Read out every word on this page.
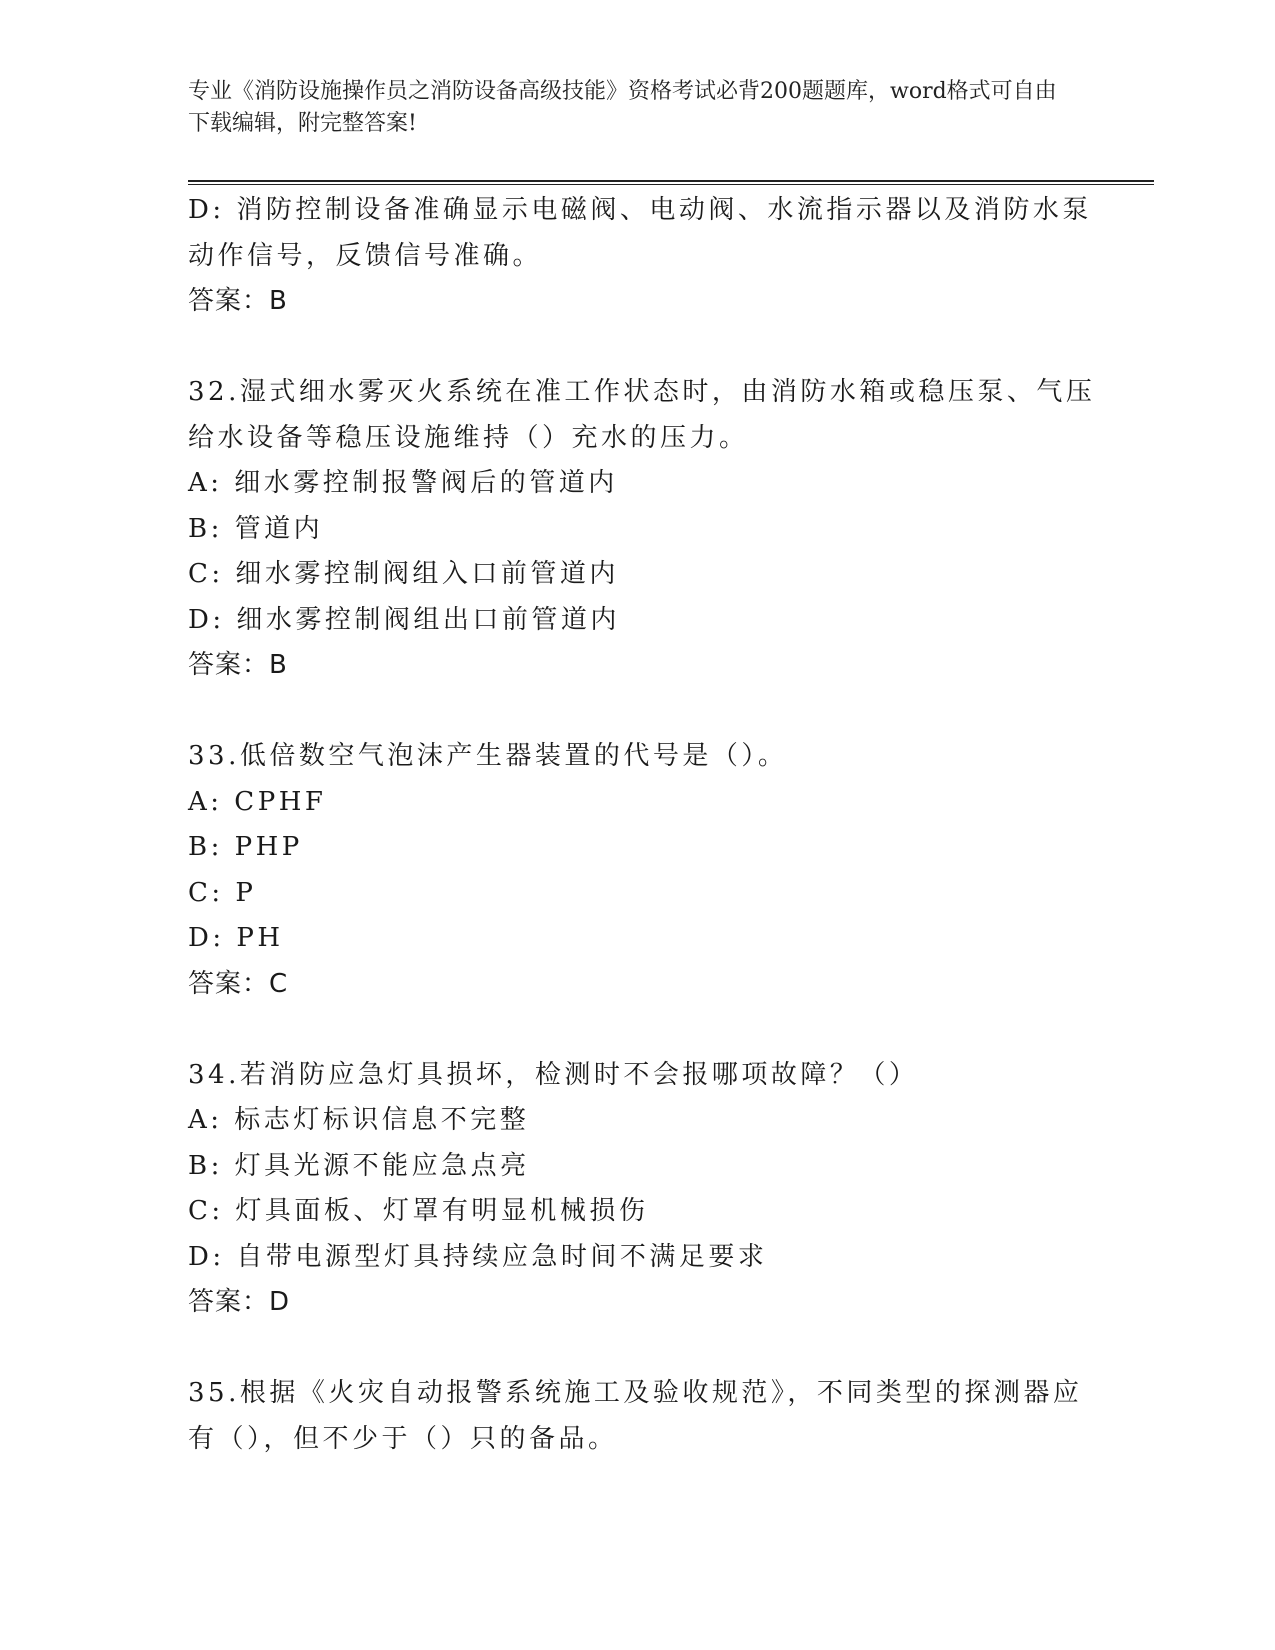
专业《消防设施操作员之消防设备高级技能》资格考试必背200题题库，word格式可自由下载编辑，附完整答案!
D: 消防控制设备准确显示电磁阀、电动阀、水流指示器以及消防水泵
动作信号，反馈信号准确。
答案：B
32.湿式细水雾灭火系统在准工作状态时，由消防水箱或稳压泵、气压
给水设备等稳压设施维持（）充水的压力。
A: 细水雾控制报警阀后的管道内
B: 管道内
C: 细水雾控制阀组入口前管道内
D: 细水雾控制阀组出口前管道内
答案：B
33.低倍数空气泡沫产生器装置的代号是（）。
A: CPHF
B: PHP
C: P
D: PH
答案：C
34.若消防应急灯具损坏，检测时不会报哪项故障？（）
A: 标志灯标识信息不完整
B: 灯具光源不能应急点亮
C: 灯具面板、灯罩有明显机械损伤
D: 自带电源型灯具持续应急时间不满足要求
答案：D
35.根据《火灾自动报警系统施工及验收规范》，不同类型的探测器应
有（），但不少于（）只的备品。
